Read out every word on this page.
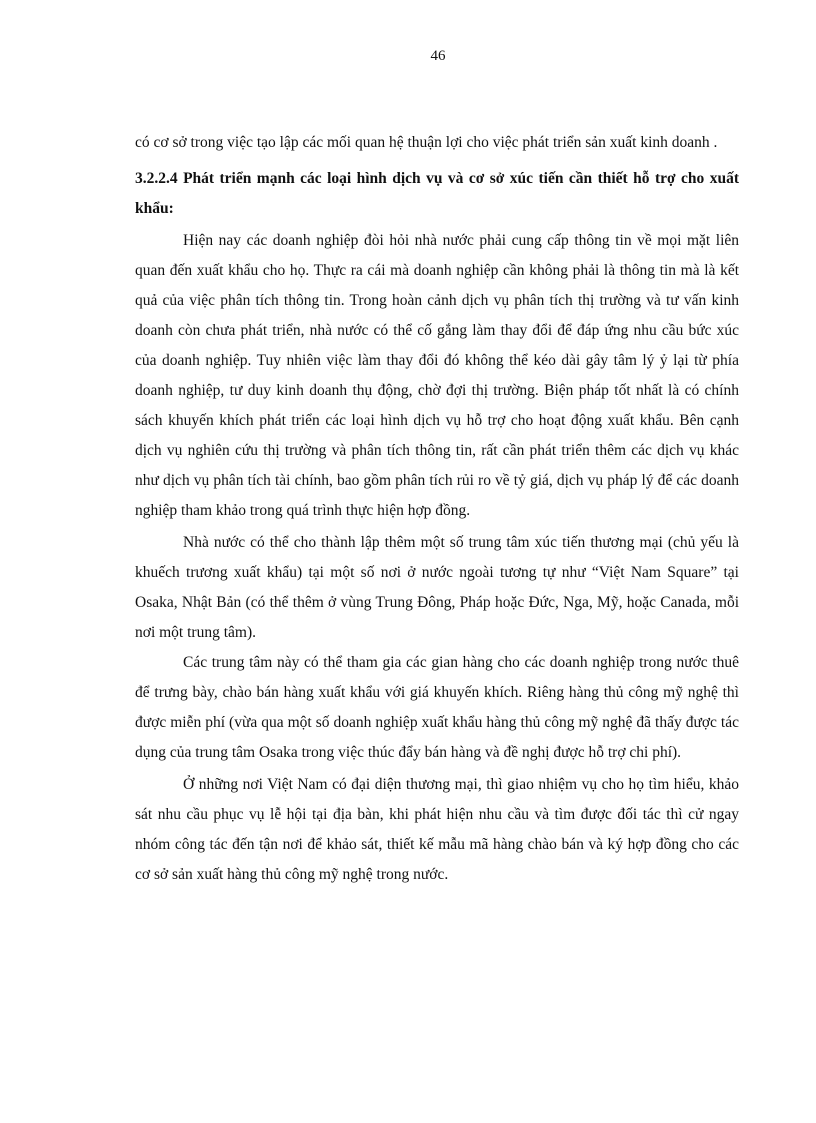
46

có cơ sở trong việc tạo lập các mối quan hệ thuận lợi cho việc phát triển sản xuất kinh doanh .

3.2.2.4 Phát triển mạnh các loại hình dịch vụ và cơ sở xúc tiến cần thiết hỗ trợ cho xuất khẩu:

Hiện nay các doanh nghiệp đòi hỏi nhà nước phải cung cấp thông tin về mọi mặt liên quan đến xuất khẩu cho họ. Thực ra cái mà doanh nghiệp cần không phải là thông tin mà là kết quả của việc phân tích thông tin. Trong hoàn cảnh dịch vụ phân tích thị trường và tư vấn kinh doanh còn chưa phát triển, nhà nước có thể cố gắng làm thay đổi để đáp ứng nhu cầu bức xúc của doanh nghiệp. Tuy nhiên việc làm thay đổi đó không thể kéo dài gây tâm lý ỷ lại từ phía doanh nghiệp, tư duy kinh doanh thụ động, chờ đợi thị trường. Biện pháp tốt nhất là có chính sách khuyến khích phát triển các loại hình dịch vụ hỗ trợ cho hoạt động xuất khẩu. Bên cạnh dịch vụ nghiên cứu thị trường và phân tích thông tin, rất cần phát triển thêm các dịch vụ khác như dịch vụ phân tích tài chính, bao gồm phân tích rủi ro về tỷ giá, dịch vụ pháp lý để các doanh nghiệp tham khảo trong quá trình thực hiện hợp đồng.

Nhà nước có thể cho thành lập thêm một số trung tâm xúc tiến thương mại (chủ yếu là khuếch trương xuất khẩu) tại một số nơi ở nước ngoài tương tự như “Việt Nam Square” tại Osaka, Nhật Bản (có thể thêm ở vùng Trung Đông, Pháp hoặc Đức, Nga, Mỹ, hoặc Canada, mỗi nơi một trung tâm).

Các trung tâm này có thể tham gia các gian hàng cho các doanh nghiệp trong nước thuê để trưng bày, chào bán hàng xuất khẩu với giá khuyến khích. Riêng hàng thủ công mỹ nghệ thì được miễn phí (vừa qua một số doanh nghiệp xuất khẩu hàng thủ công mỹ nghệ đã thấy được tác dụng của trung tâm Osaka trong việc thúc đẩy bán hàng và đề nghị được hỗ trợ chi phí).

Ở những nơi Việt Nam có đại diện thương mại, thì giao nhiệm vụ cho họ tìm hiểu, khảo sát nhu cầu phục vụ lễ hội tại địa bàn, khi phát hiện nhu cầu và tìm được đối tác thì cử ngay nhóm công tác đến tận nơi để khảo sát, thiết kế mẫu mã hàng chào bán và ký hợp đồng cho các cơ sở sản xuất hàng thủ công mỹ nghệ trong nước.
